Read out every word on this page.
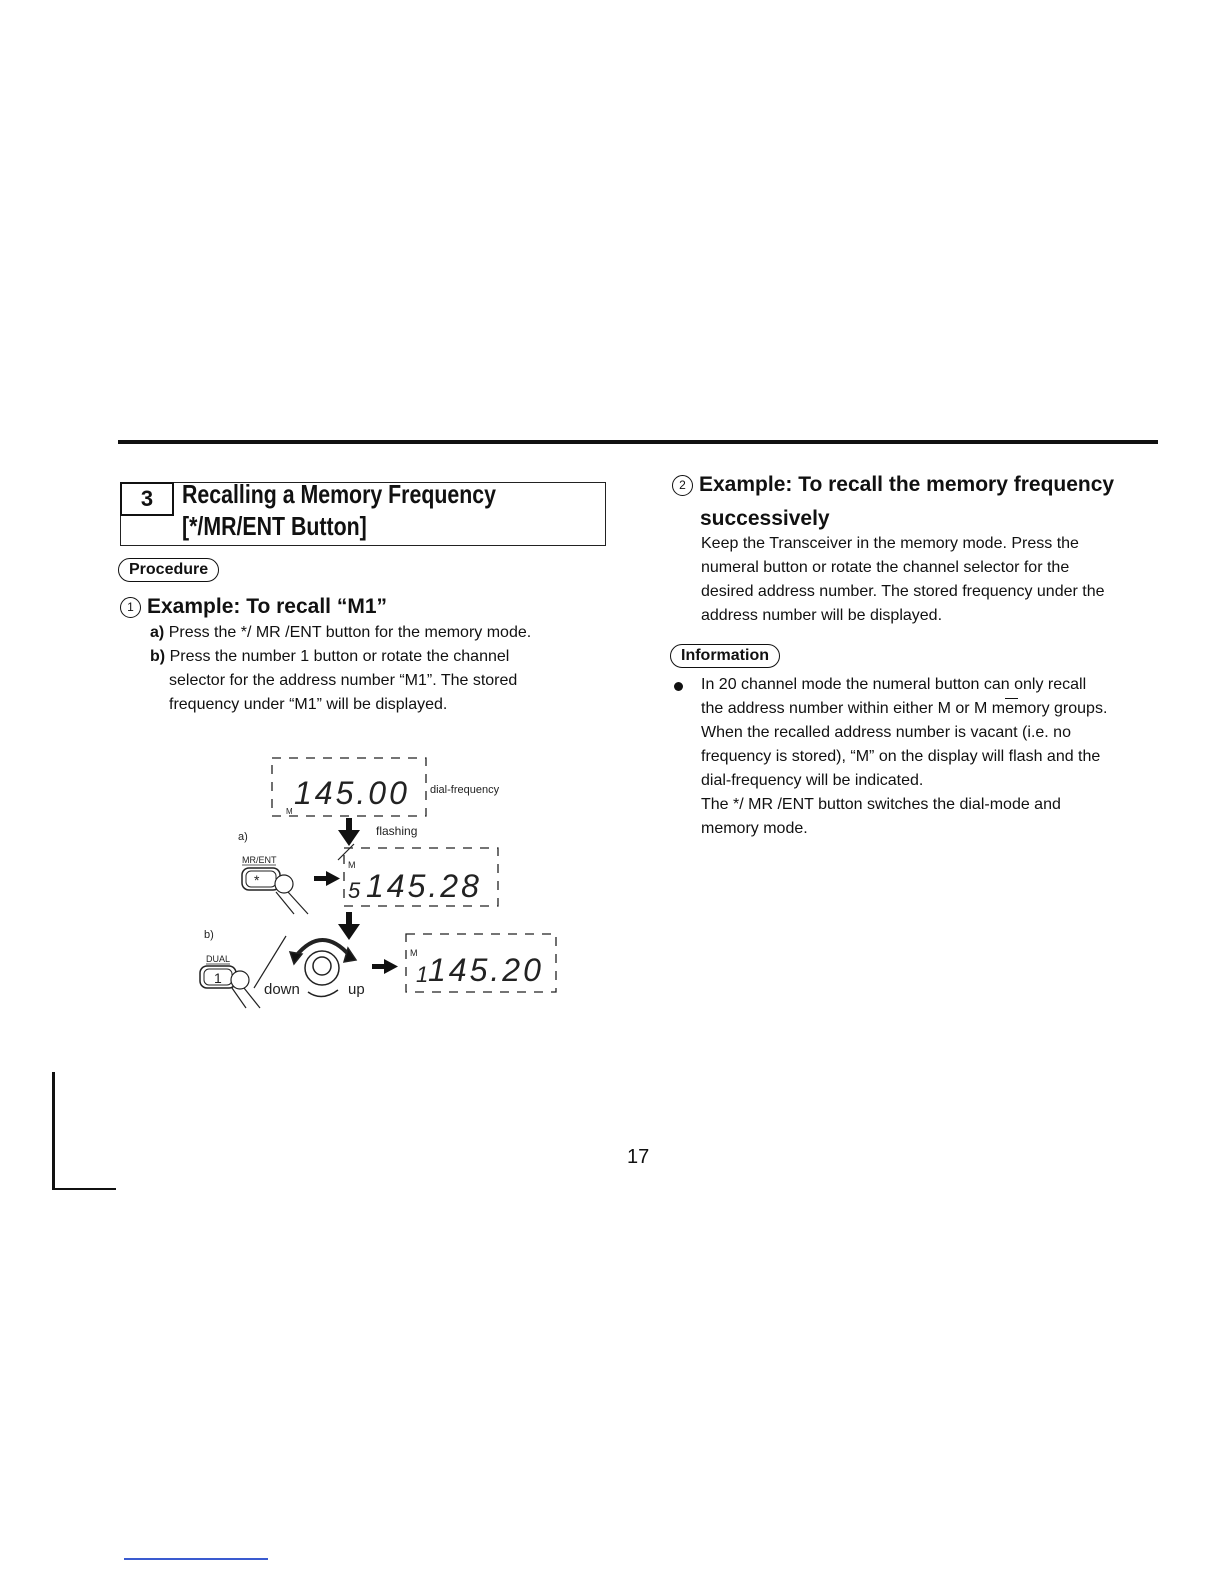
3	Recalling a Memory Frequency
[*/MR/ENT Button]
Procedure
1 Example: To recall “M1”
a) Press the */ MR /ENT button for the memory mode.
b) Press the number 1 button or rotate the channel
selector for the address number “M1”. The stored
frequency under “M1” will be displayed.
145.00
M
dial-frequency
flashing
a)
MR/ENT
*
M
5 145.28
b)
DUAL
1
down	up
M
1 145.20
2 Example: To recall the memory frequency
successively
Keep the Transceiver in the memory mode. Press the
numeral button or rotate the channel selector for the
desired address number. The stored frequency under the
address number will be displayed.
Information
In 20 channel mode the numeral button can only recall
the address number within either M or M memory groups.
When the recalled address number is vacant (i.e. no
frequency is stored), “M” on the display will flash and the
dial-frequency will be indicated.
The */ MR /ENT button switches the dial-mode and
memory mode.
17
